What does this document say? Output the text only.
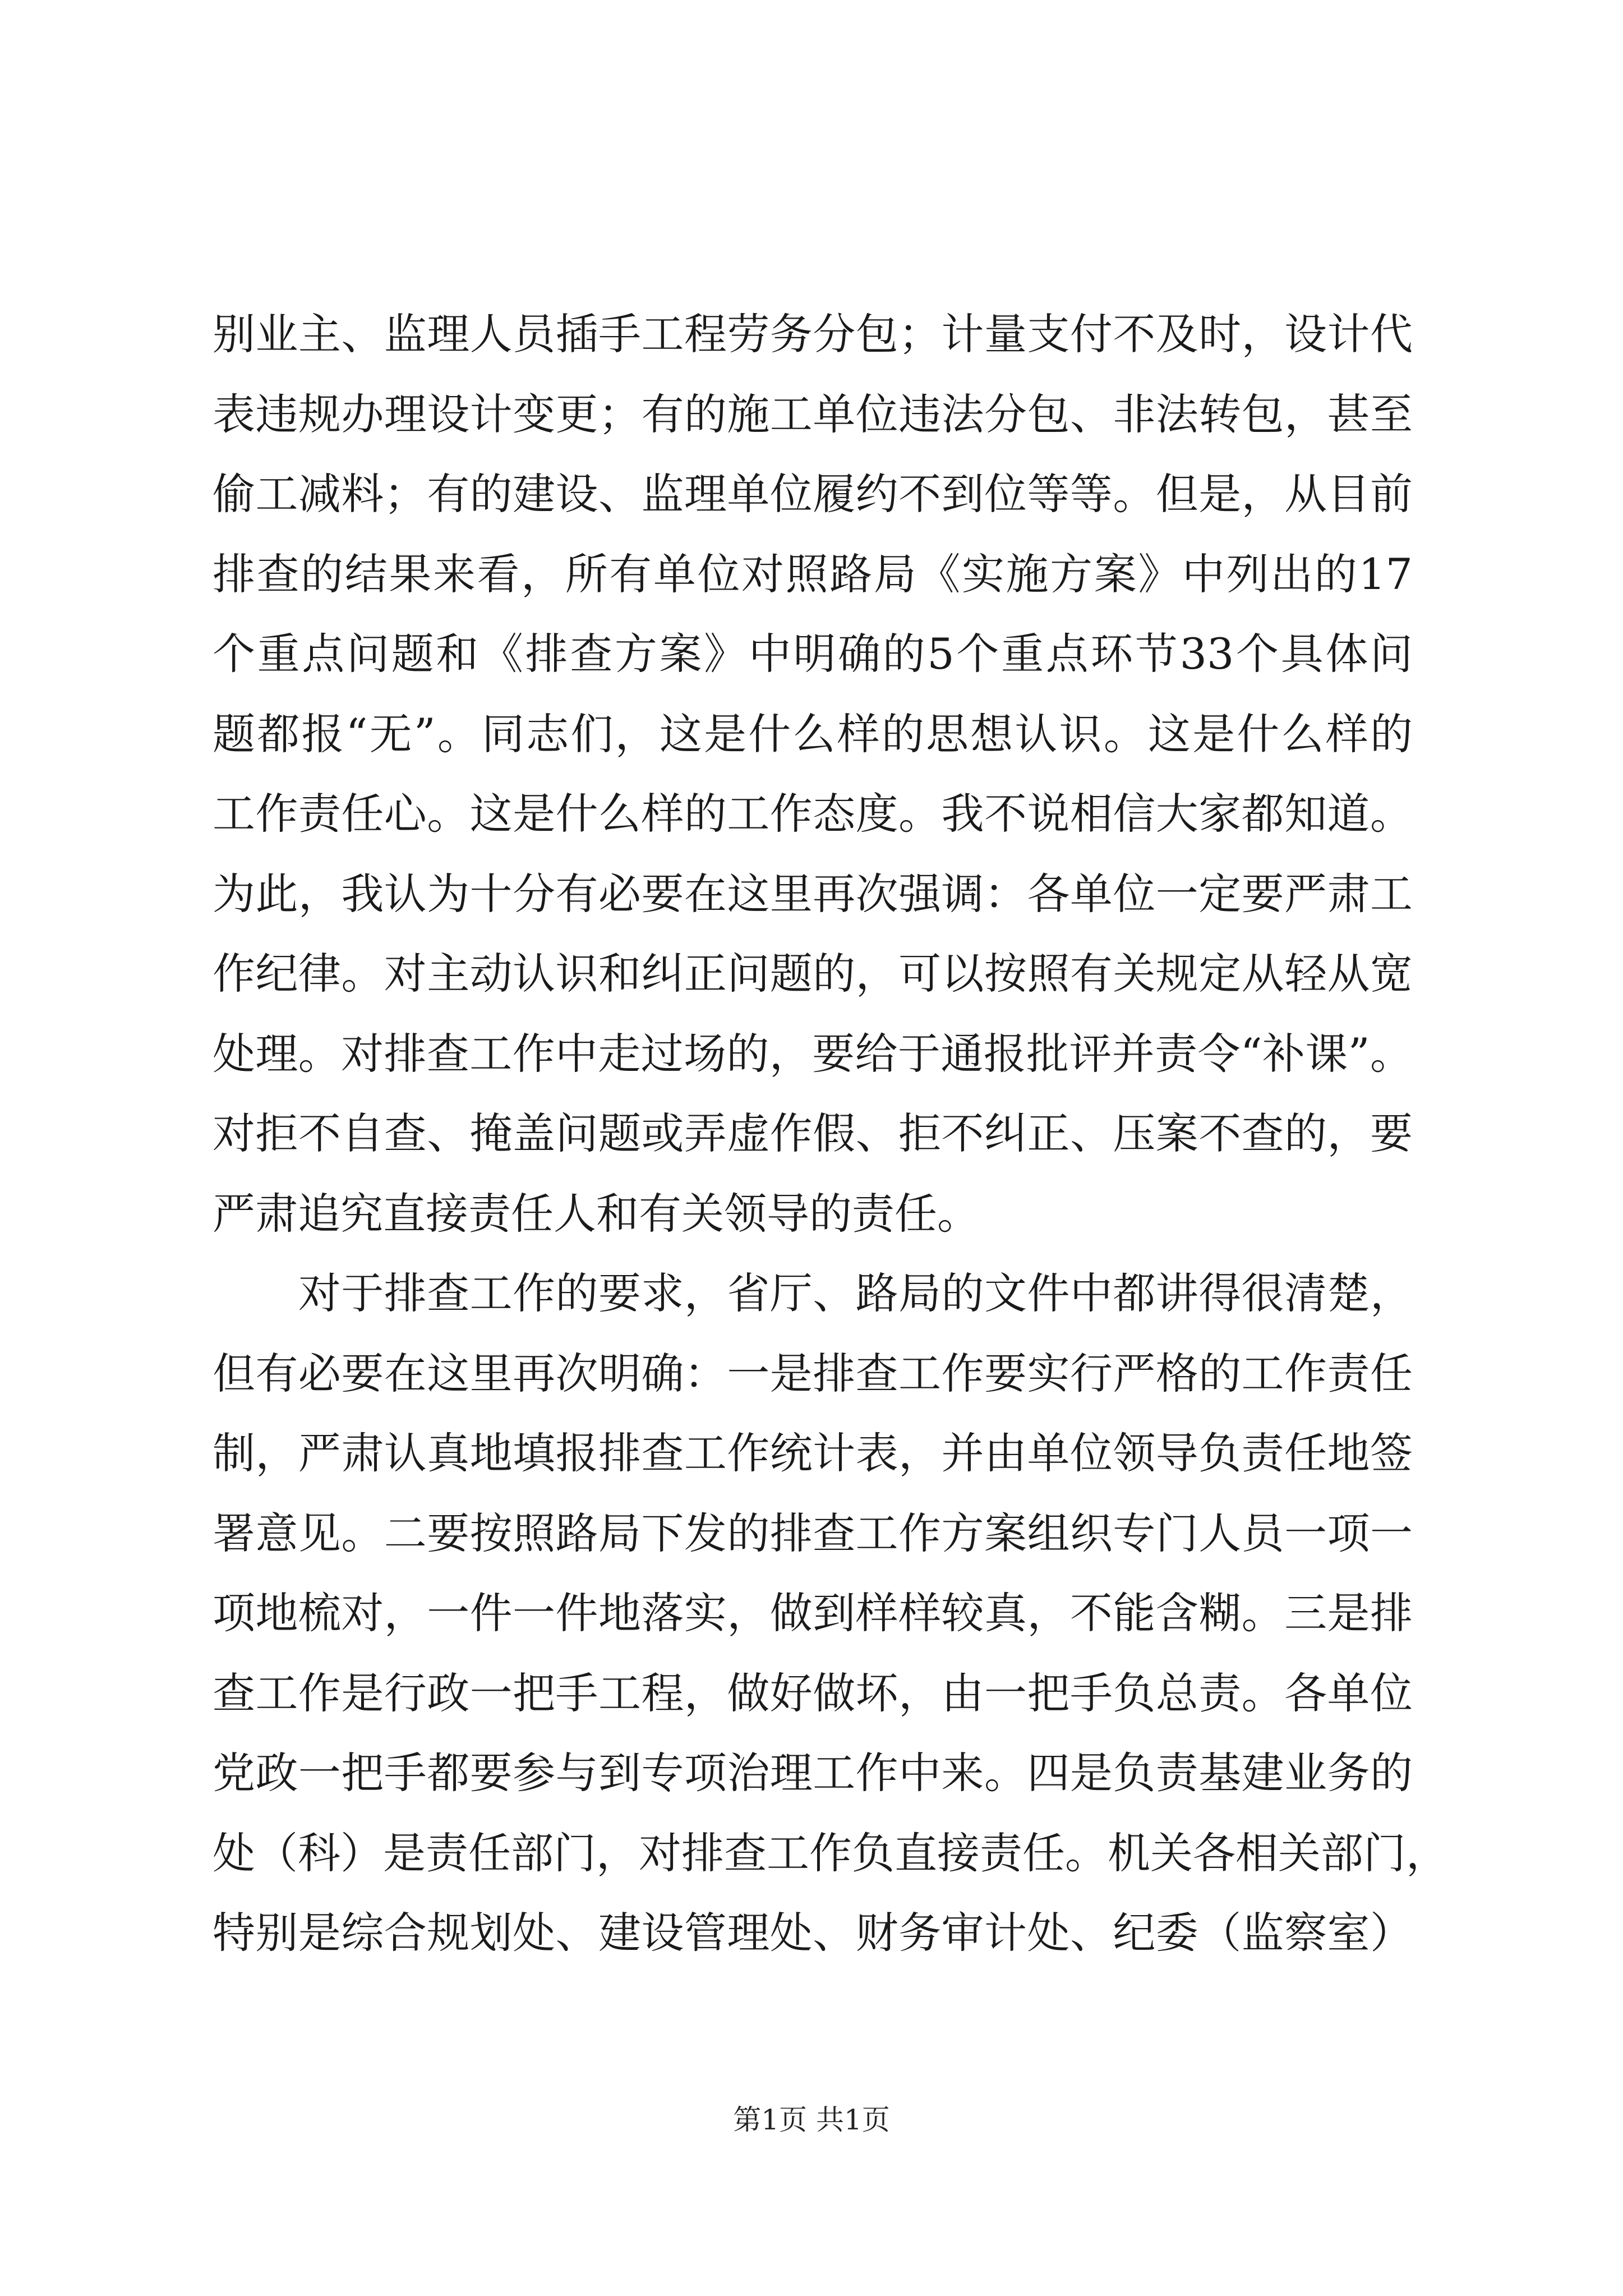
别业主、监理人员插手工程劳务分包；计量支付不及时，设计代
表违规办理设计变更；有的施工单位违法分包、非法转包，甚至
偷工减料；有的建设、监理单位履约不到位等等。但是，从目前
排查的结果来看，所有单位对照路局《实施方案》中列出的17
个重点问题和《排查方案》中明确的5个重点环节33个具体问
题都报“无”。同志们，这是什么样的思想认识。这是什么样的
工作责任心。这是什么样的工作态度。我不说相信大家都知道。
为此，我认为十分有必要在这里再次强调：各单位一定要严肃工
作纪律。对主动认识和纠正问题的，可以按照有关规定从轻从宽
处理。对排查工作中走过场的，要给于通报批评并责令“补课”。
对拒不自查、掩盖问题或弄虚作假、拒不纠正、压案不查的，要
严肃追究直接责任人和有关领导的责任。
　　对于排查工作的要求，省厅、路局的文件中都讲得很清楚，
但有必要在这里再次明确：一是排查工作要实行严格的工作责任
制，严肃认真地填报排查工作统计表，并由单位领导负责任地签
署意见。二要按照路局下发的排查工作方案组织专门人员一项一
项地梳对，一件一件地落实，做到样样较真，不能含糊。三是排
查工作是行政一把手工程，做好做坏，由一把手负总责。各单位
党政一把手都要参与到专项治理工作中来。四是负责基建业务的
处（科）是责任部门，对排查工作负直接责任。机关各相关部门，
特别是综合规划处、建设管理处、财务审计处、纪委（监察室）
第1页 共1页
